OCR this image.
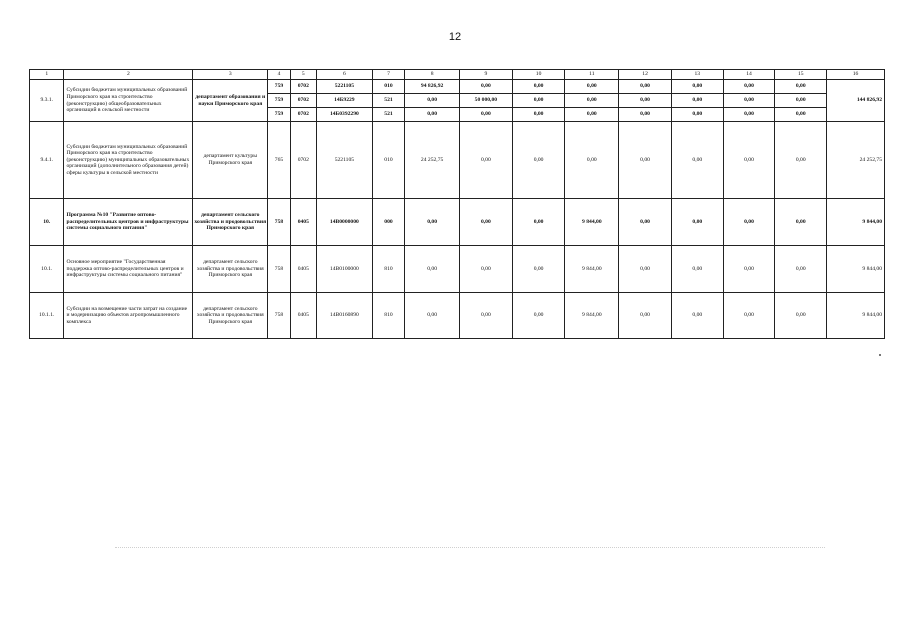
12
1	2	3	4	5	6	7	8	9	10	11	12	13	14	15	16
9.3.1.	Субсидии бюджетам муниципальных образований Приморского края на строительство (реконструкцию) общеобразовательных организаций в сельской местности	департамент образования и науки Приморского края	759	0702	5221105	010	94 826,92	0,00	0,00	0,00	0,00	0,00	0,00	0,00	144 826,92
			759	0702	14Б9229	521	0,00	50 000,00	0,00	0,00	0,00	0,00	0,00	0,00	
			759	0702	14Б0392290	521	0,00	0,00	0,00	0,00	0,00	0,00	0,00	0,00	
9.4.1.	Субсидии бюджетам муниципальных образований Приморского края на строительство (реконструкцию) муниципальных образовательных организаций (дополнительного образования детей) сферы культуры в сельской местности	департамент культуры Приморского края	765	0702	5221105	010	24 252,75	0,00	0,00	0,00	0,00	0,00	0,00	0,00	24 252,75
10.	Программа №10 "Развитие оптово-распределительных центров и инфраструктуры системы социального питания"	департамент сельского хозяйства и продовольствия Приморского края	758	0405	14В0000000	000	0,00	0,00	0,00	9 844,00	0,00	0,00	0,00	0,00	9 844,00
10.1.	Основное мероприятие "Государственная поддержка оптово-распределительных центров и инфраструктуры системы социального питания"	департамент сельского хозяйства и продовольствия Приморского края	758	0405	14В0100000	810	0,00	0,00	0,00	9 844,00	0,00	0,00	0,00	0,00	9 844,00
10.1.1.	Субсидии на возмещение части затрат на создание и модернизацию объектов агропромышленного комплекса	департамент сельского хозяйства и продовольствия Приморского края	758	0405	14В0160890	810	0,00	0,00	0,00	9 844,00	0,00	0,00	0,00	0,00	9 844,00
